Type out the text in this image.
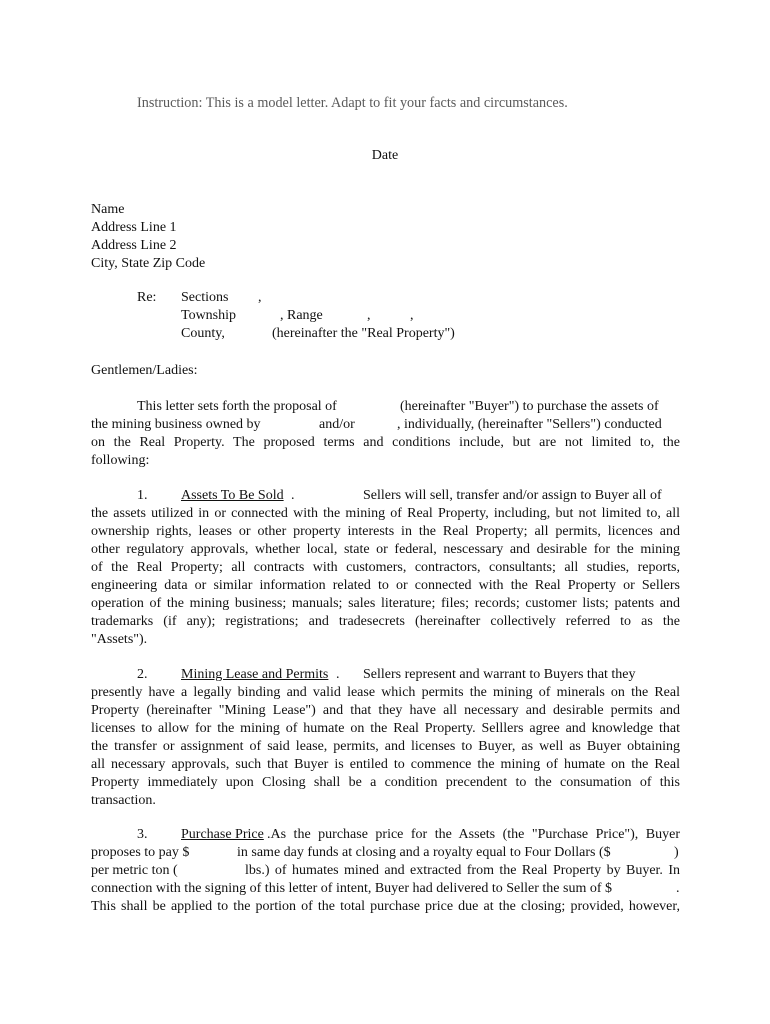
Instruction: This is a model letter. Adapt to fit your facts and circumstances.
Date
Name
Address Line 1
Address Line 2
City, State Zip Code
Re: Sections ,
Township	, Range	,	,
County,	(hereinafter the "Real Property")
Gentlemen/Ladies:
This letter sets forth the proposal of	(hereinafter "Buyer") to purchase the assets of
the mining business owned by	and/or	, individually, (hereinafter "Sellers") conducted
on the Real Property. The proposed terms and conditions include, but are not limited to, the
following:
1. Assets To Be Sold .	Sellers will sell, transfer and/or assign to Buyer all of
the assets utilized in or connected with the mining of Real Property, including, but not limited to, all
ownership rights, leases or other property interests in the Real Property; all permits, licences and
other regulatory approvals, whether local, state or federal, nescessary and desirable for the mining
of the Real Property; all contracts with customers, contractors, consultants; all studies, reports,
engineering data or similar information related to or connected with the Real Property or Sellers
operation of the mining business; manuals; sales literature; files; records; customer lists; patents and
trademarks (if any); registrations; and tradesecrets (hereinafter collectively referred to as the
"Assets").
2. Mining Lease and Permits . Sellers represent and warrant to Buyers that they
presently have a legally binding and valid lease which permits the mining of minerals on the Real
Property (hereinafter "Mining Lease") and that they have all necessary and desirable permits and
licenses to allow for the mining of humate on the Real Property. Selllers agree and knowledge that
the transfer or assignment of said lease, permits, and licenses to Buyer, as well as Buyer obtaining
all necessary approvals, such that Buyer is entiled to commence the mining of humate on the Real
Property immediately upon Closing shall be a condition precendent to the consumation of this
transaction.
3. Purchase Price .As the purchase price for the Assets (the "Purchase Price"), Buyer
proposes to pay $	in same day funds at closing and a royalty equal to Four Dollars ($	)
per metric ton (	lbs.) of humates mined and extracted from the Real Property by Buyer. In
connection with the signing of this letter of intent, Buyer had delivered to Seller the sum of $	.
This shall be applied to the portion of the total purchase price due at the closing; provided, however,
